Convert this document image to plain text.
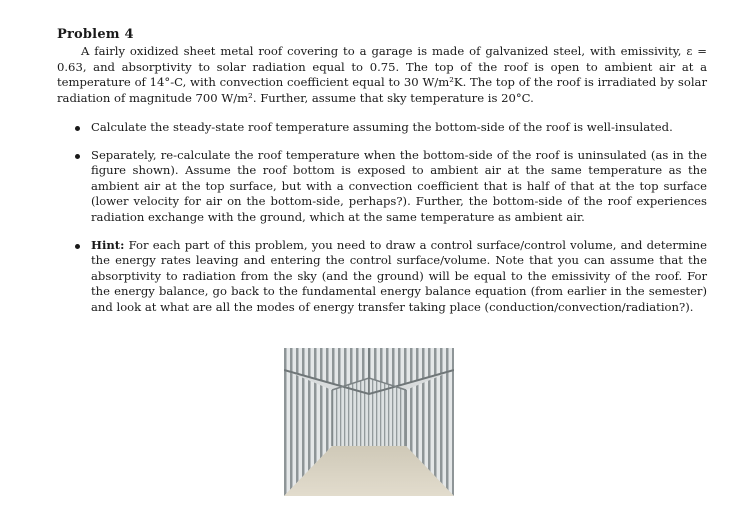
Problem 4
A fairly oxidized sheet metal roof covering to a garage is made of galvanized steel, with emissivity, ε = 0.63, and absorptivity to solar radiation equal to 0.75. The top of the roof is open to ambient air at a temperature of 14°-C, with convection coefficient equal to 30 W/m²K. The top of the roof is irradiated by solar radiation of magnitude 700 W/m². Further, assume that sky temperature is 20°C.
Calculate the steady-state roof temperature assuming the bottom-side of the roof is well-insulated.
Separately, re-calculate the roof temperature when the bottom-side of the roof is uninsulated (as in the figure shown). Assume the roof bottom is exposed to ambient air at the same temperature as the ambient air at the top surface, but with a convection coefficient that is half of that at the top surface (lower velocity for air on the bottom-side, perhaps?). Further, the bottom-side of the roof experiences radiation exchange with the ground, which at the same temperature as ambient air.
Hint: For each part of this problem, you need to draw a control surface/control volume, and determine the energy rates leaving and entering the control surface/volume. Note that you can assume that the absorptivity to radiation from the sky (and the ground) will be equal to the emissivity of the roof. For the energy balance, go back to the fundamental energy balance equation (from earlier in the semester) and look at what are all the modes of energy transfer taking place (conduction/convection/radiation?).
